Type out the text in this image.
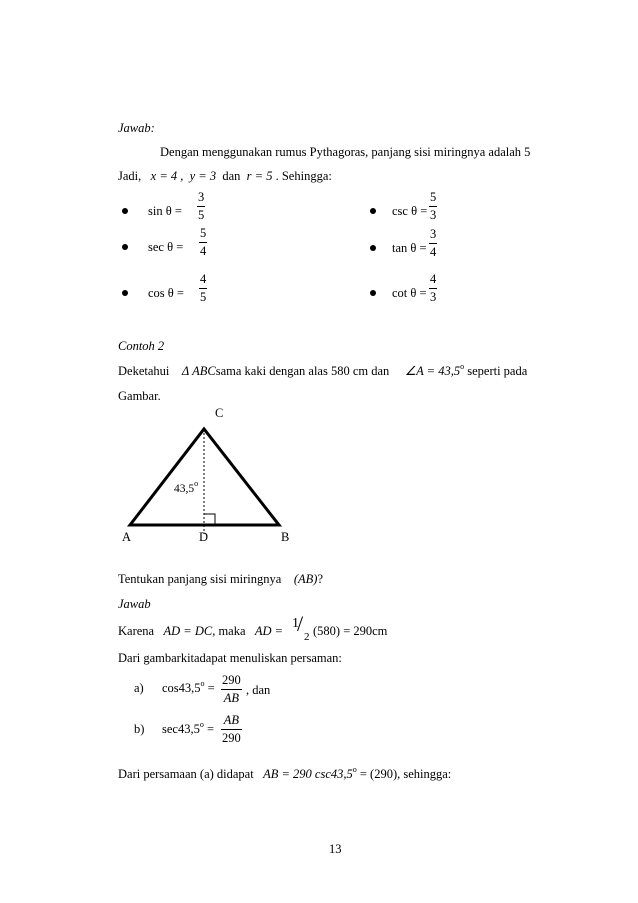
Jawab:
Dengan menggunakan rumus Pythagoras, panjang sisi miringnya adalah 5
Jadi, x = 4 , y = 3 dan r = 5 . Sehingga:
sin θ =
3
5
sec θ =
5
4
cos θ =
4
5
csc θ =
5
3
tan θ =
3
4
cot θ =
4
3
Contoh 2
Deketahui Δ ABCsama kaki dengan alas 580 cm dan ∠A = $43,5^o$ seperti pada
Gambar.
C
A	D	B
43,5$^o$
Tentukan panjang sisi miringnya (AB)?
Jawab
Karena AD = DC, maka AD = 1
/
2 (580) = 290cm
Dari gambarkitadapat menuliskan persaman:
a) $\cos 43,5^o$ =
290
AB
, dan
b) $\sec 43,5^o$ =
AB
290
Dari persamaan (a) didapat AB = 290 $\csc 43,5^o = (290)$, sehingga:
13
